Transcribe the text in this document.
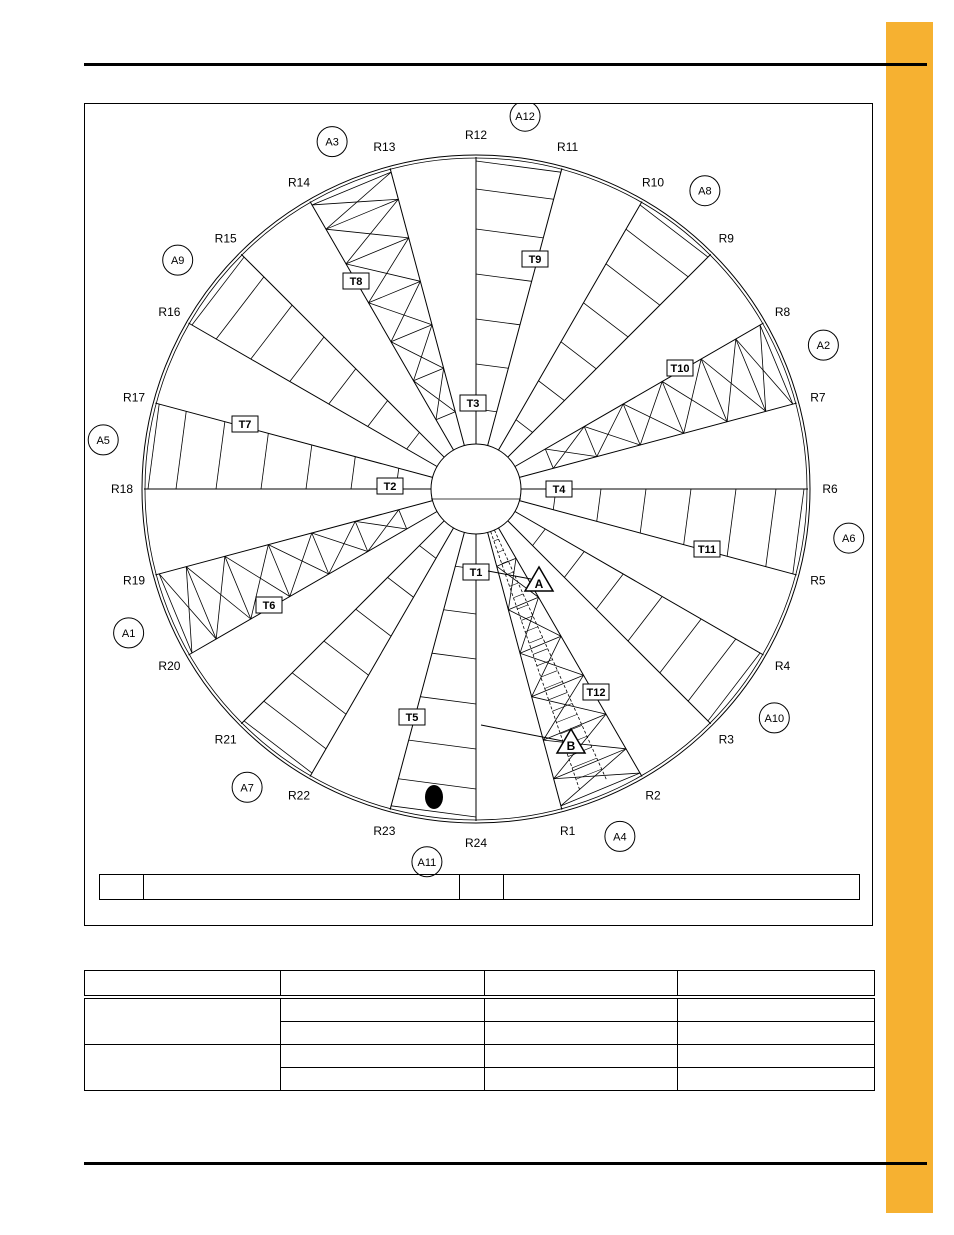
R1
R2
R3
R4
R5
R6
R7
R8
R9
R10
R11
R12
R13
R14
R15
R16
R17
R18
R19
R20
R21
R22
R23
R24
A1
A2
A3
A4
A5
A6
A7
A8
A9
A10
A11
A12
T1
T2
T3
T4
T5
T6
T7
T8
T9
T10
T11
T12
A
B
